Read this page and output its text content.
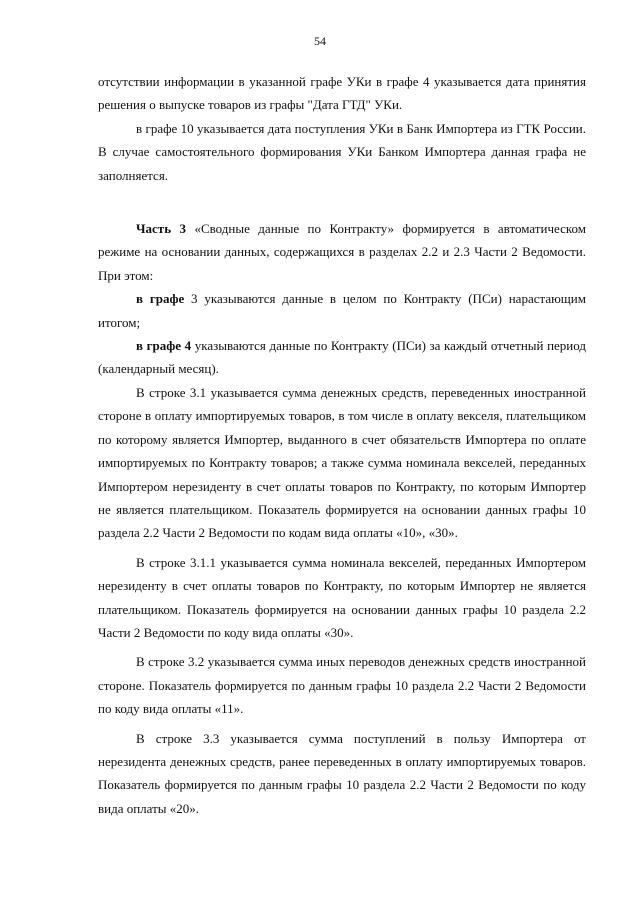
54

отсутствии информации в указанной графе УКи в графе 4 указывается дата принятия решения о выпуске товаров из графы "Дата ГТД" УКи.

в графе 10 указывается дата поступления УКи в Банк Импортера из ГТК России. В случае самостоятельного формирования УКи Банком Импортера данная графа не заполняется.

Часть 3 «Сводные данные по Контракту» формируется в автоматическом режиме на основании данных, содержащихся в разделах 2.2 и 2.3 Части 2 Ведомости. При этом:

в графе 3 указываются данные в целом по Контракту (ПСи) нарастающим итогом;

в графе 4 указываются данные по Контракту (ПСи) за каждый отчетный период (календарный месяц).

В строке 3.1 указывается сумма денежных средств, переведенных иностранной стороне в оплату импортируемых товаров, в том числе в оплату векселя, плательщиком по которому является Импортер, выданного в счет обязательств Импортера по оплате импортируемых по Контракту товаров; а также сумма номинала векселей, переданных Импортером нерезиденту в счет оплаты товаров по Контракту, по которым Импортер не является плательщиком. Показатель формируется на основании данных графы 10 раздела 2.2 Части 2 Ведомости по кодам вида оплаты «10», «30».

В строке 3.1.1 указывается сумма номинала векселей, переданных Импортером нерезиденту в счет оплаты товаров по Контракту, по которым Импортер не является плательщиком. Показатель формируется на основании данных графы 10 раздела 2.2 Части 2 Ведомости по коду вида оплаты «30».

В строке 3.2 указывается сумма иных переводов денежных средств иностранной стороне. Показатель формируется по данным графы 10 раздела 2.2 Части 2 Ведомости по коду вида оплаты «11».

В строке 3.3 указывается сумма поступлений в пользу Импортера от нерезидента денежных средств, ранее переведенных в оплату импортируемых товаров. Показатель формируется по данным графы 10 раздела 2.2 Части 2 Ведомости по коду вида оплаты «20».
